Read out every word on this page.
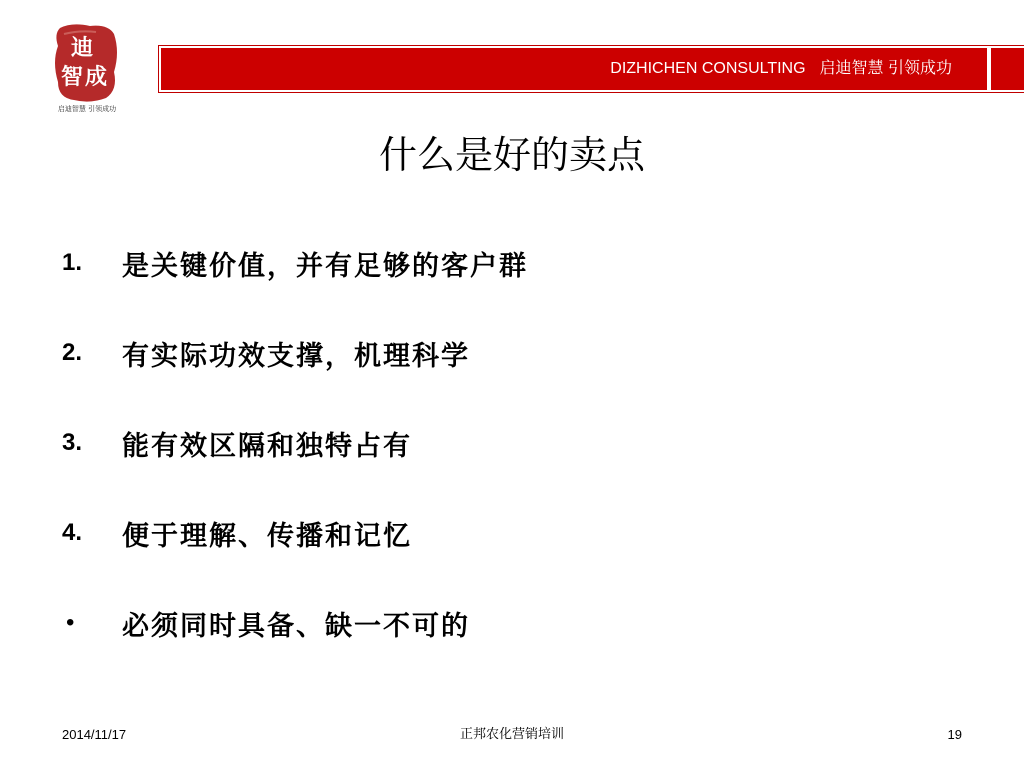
迪
智 成
启迪智慧 引领成功
DIZHICHEN CONSULTING 启迪智慧 引领成功
什么是好的卖点
1.	是关键价值，并有足够的客户群
2.	有实际功效支撑，机理科学
3.	能有效区隔和独特占有
4.	便于理解、传播和记忆
•	必须同时具备、缺一不可的
2014/11/17	正邦农化营销培训	19
